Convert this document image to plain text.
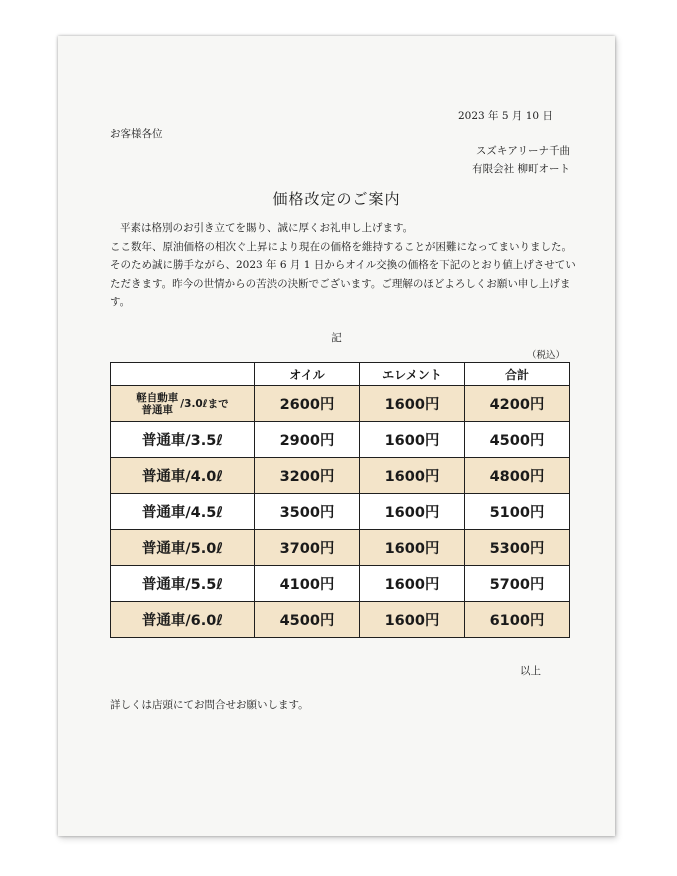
2023 年 5 月 10 日
お客様各位
スズキアリーナ千曲
有限会社 柳町オート
価格改定のご案内

平素は格別のお引き立てを賜り、誠に厚くお礼申し上げます。

ここ数年、原油価格の相次ぐ上昇により現在の価格を維持することが困難になってまいりました。そのため誠に勝手ながら、2023 年 6 月 1 日からオイル交換の価格を下記のとおり値上げさせていただきます。昨今の世情からの苦渋の決断でございます。ご理解のほどよろしくお願い申し上げます。

記
（税込）
	オイル	エレメント	合計

軽自動車
普通車 /3.0ℓまで	2600円	1600円	4200円
普通車/3.5ℓ	2900円	1600円	4500円
普通車/4.0ℓ	3200円	1600円	4800円
普通車/4.5ℓ	3500円	1600円	5100円
普通車/5.0ℓ	3700円	1600円	5300円
普通車/5.5ℓ	4100円	1600円	5700円
普通車/6.0ℓ	4500円	1600円	6100円
以上
詳しくは店頭にてお問合せお願いします。
